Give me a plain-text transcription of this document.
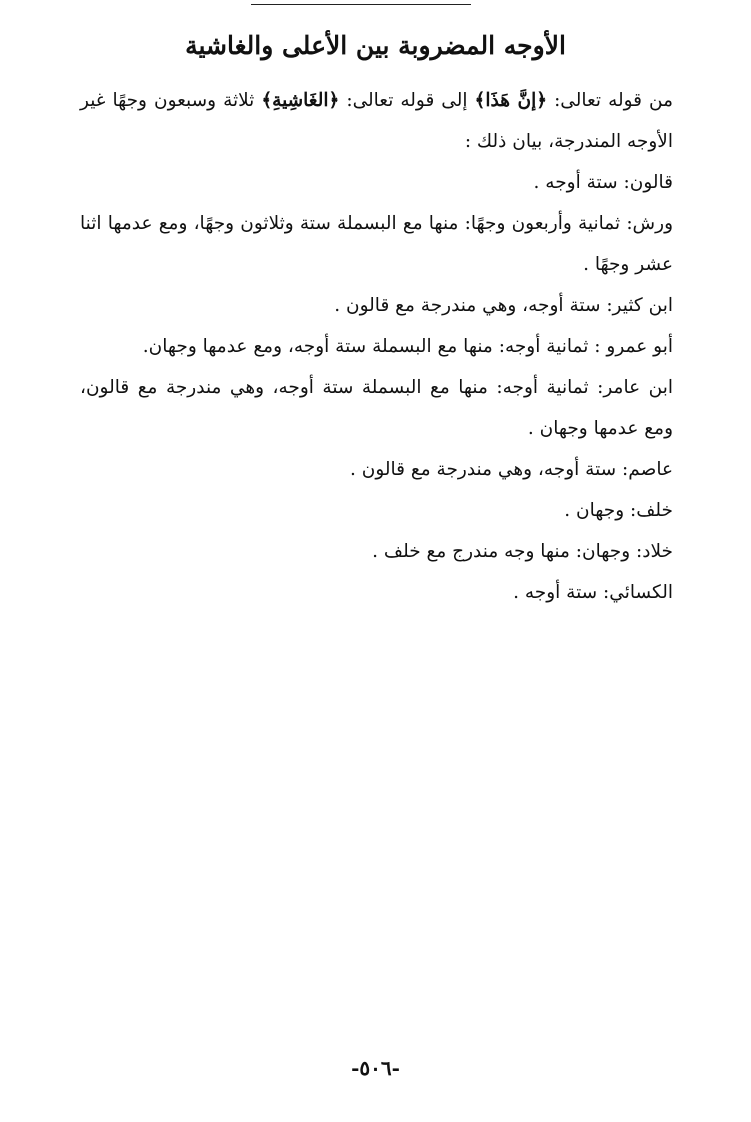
الأوجه المضروبة بين الأعلى والغاشية

من قوله تعالى: ﴿إنَّ هَذَا﴾ إلى قوله تعالى: ﴿الغَاشِيةِ﴾ ثلاثة وسبعون وجهًا غير الأوجه المندرجة، بيان ذلك :

قالون: ستة أوجه .

ورش: ثمانية وأربعون وجهًا: منها مع البسملة ستة وثلاثون وجهًا، ومع عدمها اثنا عشر وجهًا .

ابن كثير: ستة أوجه، وهي مندرجة مع قالون .

أبو عمرو : ثمانية أوجه: منها مع البسملة ستة أوجه، ومع عدمها وجهان.

ابن عامر: ثمانية أوجه: منها مع البسملة ستة أوجه، وهي مندرجة مع قالون، ومع عدمها وجهان .

عاصم: ستة أوجه، وهي مندرجة مع قالون .

خلف: وجهان .

خلاد: وجهان: منها وجه مندرج مع خلف .

الكسائي: ستة أوجه .

-٥٠٦-
